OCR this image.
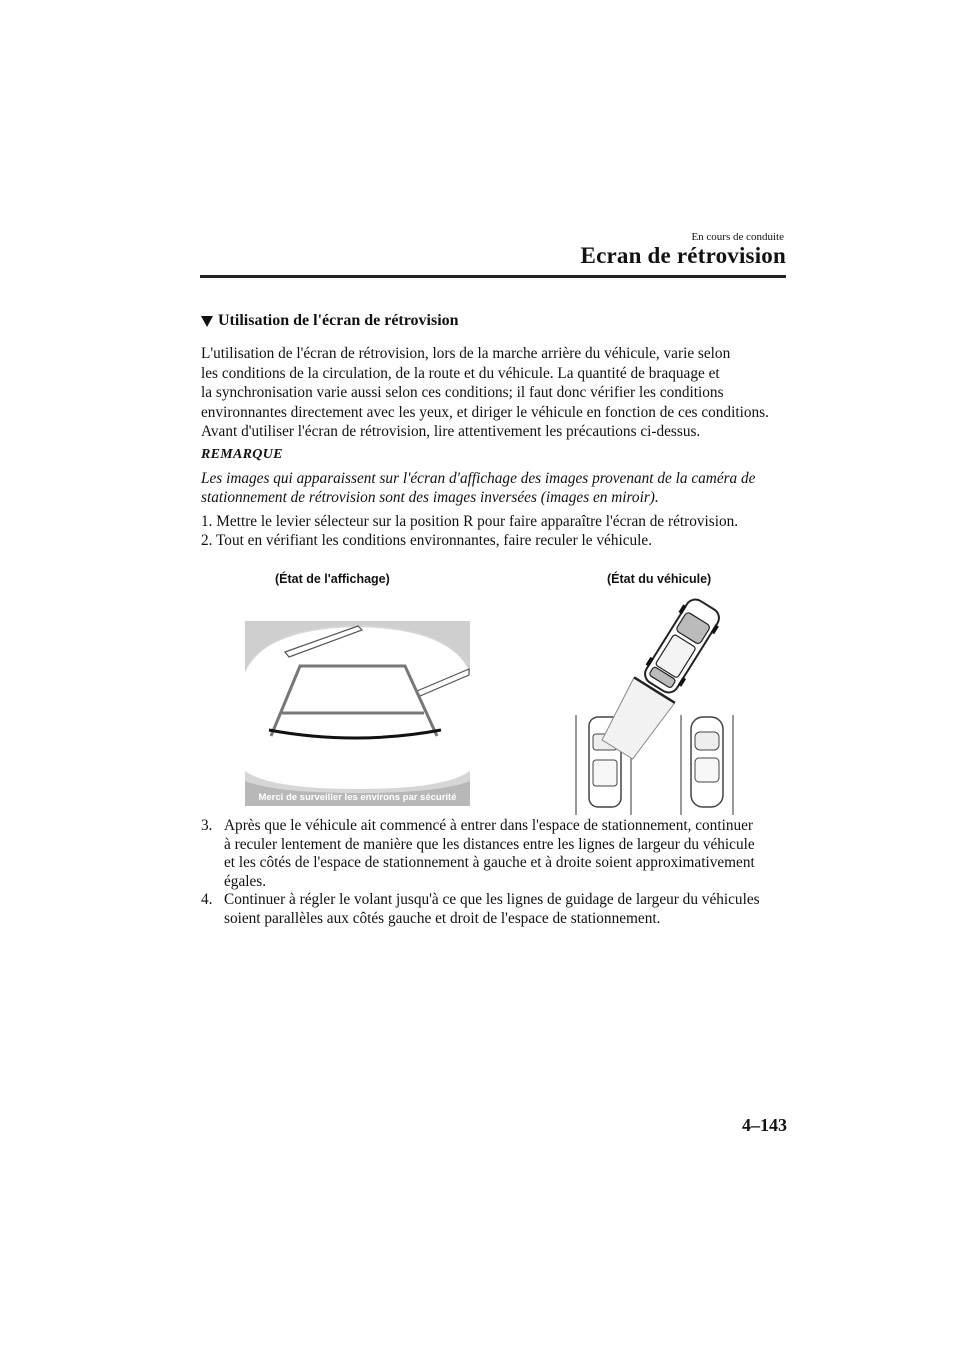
En cours de conduite
Ecran de rétrovision
Utilisation de l'écran de rétrovision
L'utilisation de l'écran de rétrovision, lors de la marche arrière du véhicule, varie selon
les conditions de la circulation, de la route et du véhicule. La quantité de braquage et
la synchronisation varie aussi selon ces conditions; il faut donc vérifier les conditions
environnantes directement avec les yeux, et diriger le véhicule en fonction de ces conditions.
Avant d'utiliser l'écran de rétrovision, lire attentivement les précautions ci-dessus.
REMARQUE
Les images qui apparaissent sur l'écran d'affichage des images provenant de la caméra de
stationnement de rétrovision sont des images inversées (images en miroir).
1. Mettre le levier sélecteur sur la position R pour faire apparaître l'écran de rétrovision.
2. Tout en vérifiant les conditions environnantes, faire reculer le véhicule.
(État de l'affichage)	(État du véhicule)
Merci de surveiller les environs par sécurité
3. Après que le véhicule ait commencé à entrer dans l'espace de stationnement, continuer
à reculer lentement de manière que les distances entre les lignes de largeur du véhicule
et les côtés de l'espace de stationnement à gauche et à droite soient approximativement
égales.
4. Continuer à régler le volant jusqu'à ce que les lignes de guidage de largeur du véhicules
soient parallèles aux côtés gauche et droit de l'espace de stationnement.
4–143
